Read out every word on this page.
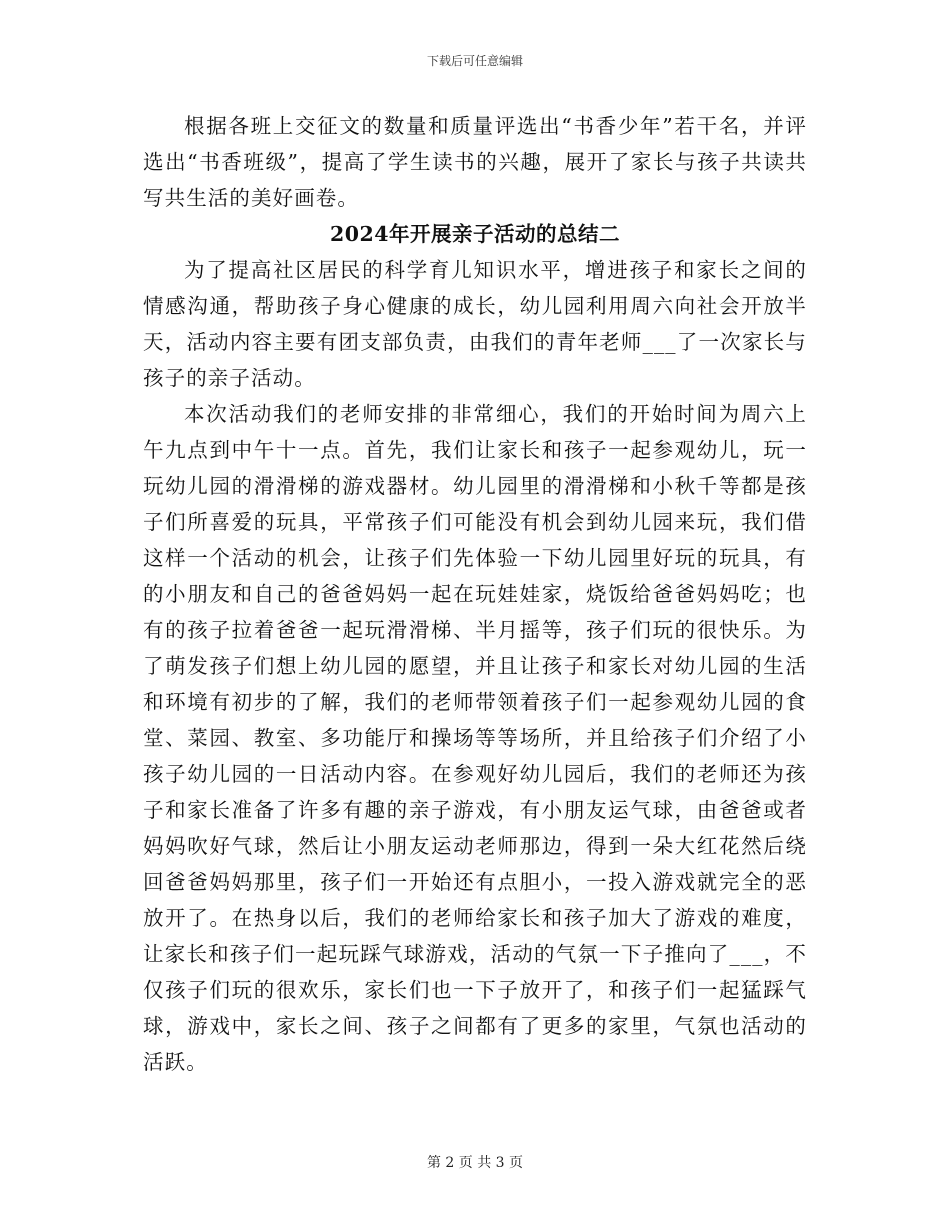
下载后可任意编辑

根据各班上交征文的数量和质量评选出“书香少年”若干名，并评选出“书香班级”，提高了学生读书的兴趣，展开了家长与孩子共读共写共生活的美好画卷。

2024年开展亲子活动的总结二

为了提高社区居民的科学育儿知识水平，增进孩子和家长之间的情感沟通，帮助孩子身心健康的成长，幼儿园利用周六向社会开放半天，活动内容主要有团支部负责，由我们的青年老师___了一次家长与孩子的亲子活动。

本次活动我们的老师安排的非常细心，我们的开始时间为周六上午九点到中午十一点。首先，我们让家长和孩子一起参观幼儿，玩一玩幼儿园的滑滑梯的游戏器材。幼儿园里的滑滑梯和小秋千等都是孩子们所喜爱的玩具，平常孩子们可能没有机会到幼儿园来玩，我们借这样一个活动的机会，让孩子们先体验一下幼儿园里好玩的玩具，有的小朋友和自己的爸爸妈妈一起在玩娃娃家，烧饭给爸爸妈妈吃；也有的孩子拉着爸爸一起玩滑滑梯、半月摇等，孩子们玩的很快乐。为了萌发孩子们想上幼儿园的愿望，并且让孩子和家长对幼儿园的生活和环境有初步的了解，我们的老师带领着孩子们一起参观幼儿园的食堂、菜园、教室、多功能厅和操场等等场所，并且给孩子们介绍了小孩子幼儿园的一日活动内容。在参观好幼儿园后，我们的老师还为孩子和家长准备了许多有趣的亲子游戏，有小朋友运气球，由爸爸或者妈妈吹好气球，然后让小朋友运动老师那边，得到一朵大红花然后绕回爸爸妈妈那里，孩子们一开始还有点胆小，一投入游戏就完全的恶放开了。在热身以后，我们的老师给家长和孩子加大了游戏的难度，让家长和孩子们一起玩踩气球游戏，活动的气氛一下子推向了___，不仅孩子们玩的很欢乐，家长们也一下子放开了，和孩子们一起猛踩气球，游戏中，家长之间、孩子之间都有了更多的家里，气氛也活动的活跃。

第 2 页 共 3 页
